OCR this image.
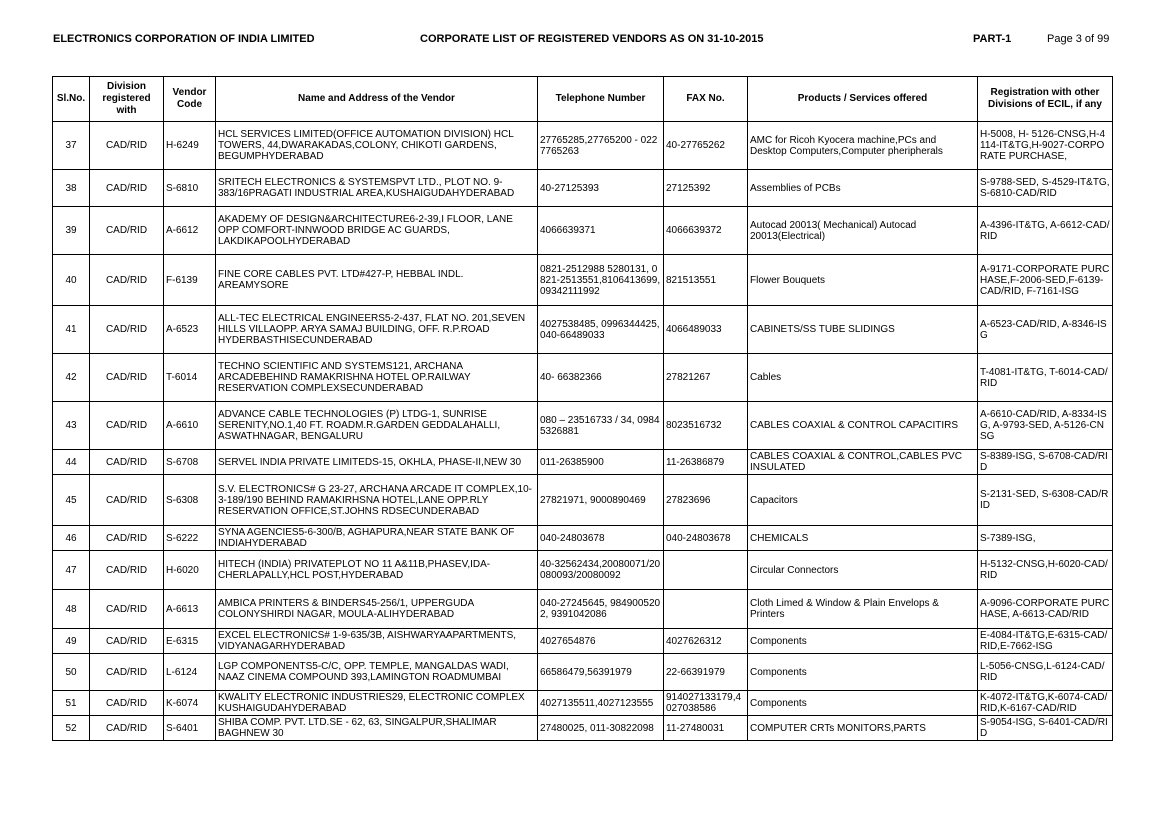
ELECTRONICS CORPORATION OF INDIA LIMITED	CORPORATE LIST OF REGISTERED VENDORS AS ON 31-10-2015	PART-1	Page 3 of 99
Sl.No.	Division registered with	Vendor Code	Name and Address of the Vendor	Telephone Number	FAX No.	Products / Services offered	Registration with other Divisions of ECIL, if any
37	CAD/RID	H-6249	HCL SERVICES LIMITED(OFFICE AUTOMATION DIVISION) HCL TOWERS, 44,DWARAKADAS,COLONY, CHIKOTI GARDENS, BEGUMPHYDERABAD	27765285,27765200 - 0227765263	40-27765262	AMC for Ricoh Kyocera machine,PCs and Desktop Computers,Computer pheripherals	H-5008, H- 5126-CNSG,H-4114-IT&TG,H-9027-CORPORATE PURCHASE,
38	CAD/RID	S-6810	SRITECH ELECTRONICS & SYSTEMSPVT LTD., PLOT NO. 9-383/16PRAGATI INDUSTRIAL AREA,KUSHAIGUDAHYDERABAD	40-27125393	27125392	Assemblies of PCBs	S-9788-SED, S-4529-IT&TG, S-6810-CAD/RID
39	CAD/RID	A-6612	AKADEMY OF DESIGN&ARCHITECTURE6-2-39,I FLOOR, LANE OPP COMFORT-INNWOOD BRIDGE AC GUARDS, LAKDIKAPOOLHYDERABAD	4066639371	4066639372	Autocad 20013( Mechanical) Autocad 20013(Electrical)	A-4396-IT&TG, A-6612-CAD/RID
40	CAD/RID	F-6139	FINE CORE CABLES PVT. LTD#427-P, HEBBAL INDL. AREAMYSORE	0821-2512988 5280131, 0821-2513551,8106413699, 09342111992	821513551	Flower Bouquets	A-9171-CORPORATE PURCHASE,F-2006-SED,F-6139-CAD/RID, F-7161-ISG
41	CAD/RID	A-6523	ALL-TEC ELECTRICAL ENGINEERS5-2-437, FLAT NO. 201,SEVEN HILLS VILLAOPP. ARYA SAMAJ BUILDING, OFF. R.P.ROAD HYDERBASTHISECUNDERABAD	4027538485, 0996344425, 040-66489033	4066489033	CABINETS/SS TUBE SLIDINGS	A-6523-CAD/RID, A-8346-ISG
42	CAD/RID	T-6014	TECHNO SCIENTIFIC AND SYSTEMS121, ARCHANA ARCADEBEHIND RAMAKRISHNA HOTEL OP.RAILWAY RESERVATION COMPLEXSECUNDERABAD	40- 66382366	27821267	Cables	T-4081-IT&TG, T-6014-CAD/RID
43	CAD/RID	A-6610	ADVANCE CABLE TECHNOLOGIES (P) LTDG-1, SUNRISE SERENITY,NO.1,40 FT. ROADM.R.GARDEN GEDDALAHALLI, ASWATHNAGAR, BENGALURU	080 – 23516733 / 34, 09845326881	8023516732	CABLES COAXIAL & CONTROL CAPACITIRS	A-6610-CAD/RID, A-8334-ISG, A-9793-SED, A-5126-CNSG
44	CAD/RID	S-6708	SERVEL INDIA PRIVATE LIMITEDS-15, OKHLA, PHASE-II,NEW 30	011-26385900	11-26386879	CABLES COAXIAL & CONTROL,CABLES PVC INSULATED	S-8389-ISG, S-6708-CAD/RID
45	CAD/RID	S-6308	S.V. ELECTRONICS# G 23-27, ARCHANA ARCADE IT COMPLEX,10-3-189/190 BEHIND RAMAKIRHSNA HOTEL,LANE OPP.RLY RESERVATION OFFICE,ST.JOHNS RDSECUNDERABAD	27821971, 9000890469	27823696	Capacitors	S-2131-SED, S-6308-CAD/RID
46	CAD/RID	S-6222	SYNA AGENCIES5-6-300/B, AGHAPURA,NEAR STATE BANK OF INDIAHYDERABAD	040-24803678	040-24803678	CHEMICALS	S-7389-ISG,
47	CAD/RID	H-6020	HITECH (INDIA) PRIVATEPLOT NO 11 A&11B,PHASEV,IDA-CHERLAPALLY,HCL POST,HYDERABAD	40-32562434,20080071/20080093/20080092		Circular Connectors	H-5132-CNSG,H-6020-CAD/RID
48	CAD/RID	A-6613	AMBICA PRINTERS & BINDERS45-256/1, UPPERGUDA COLONYSHIRDI NAGAR, MOULA-ALIHYDERABAD	040-27245645, 9849005202, 9391042086		Cloth Limed & Window & Plain Envelops & Printers	A-9096-CORPORATE PURCHASE, A-6613-CAD/RID
49	CAD/RID	E-6315	EXCEL ELECTRONICS# 1-9-635/3B, AISHWARYAAPARTMENTS, VIDYANAGARHYDERABAD	4027654876	4027626312	Components	E-4084-IT&TG,E-6315-CAD/RID,E-7662-ISG
50	CAD/RID	L-6124	LGP COMPONENTS5-C/C, OPP. TEMPLE, MANGALDAS WADI, NAAZ CINEMA COMPOUND 393,LAMINGTON ROADMUMBAI	66586479,56391979	22-66391979	Components	L-5056-CNSG,L-6124-CAD/RID
51	CAD/RID	K-6074	KWALITY ELECTRONIC INDUSTRIES29, ELECTRONIC COMPLEX KUSHAIGUDAHYDERABAD	4027135511,4027123555	914027133179,4027038586	Components	K-4072-IT&TG,K-6074-CAD/RID,K-6167-CAD/RID
52	CAD/RID	S-6401	SHIBA COMP. PVT. LTD.SE - 62, 63, SINGALPUR,SHALIMAR BAGHNEW 30	27480025, 011-30822098	11-27480031	COMPUTER CRTs MONITORS,PARTS	S-9054-ISG, S-6401-CAD/RID
